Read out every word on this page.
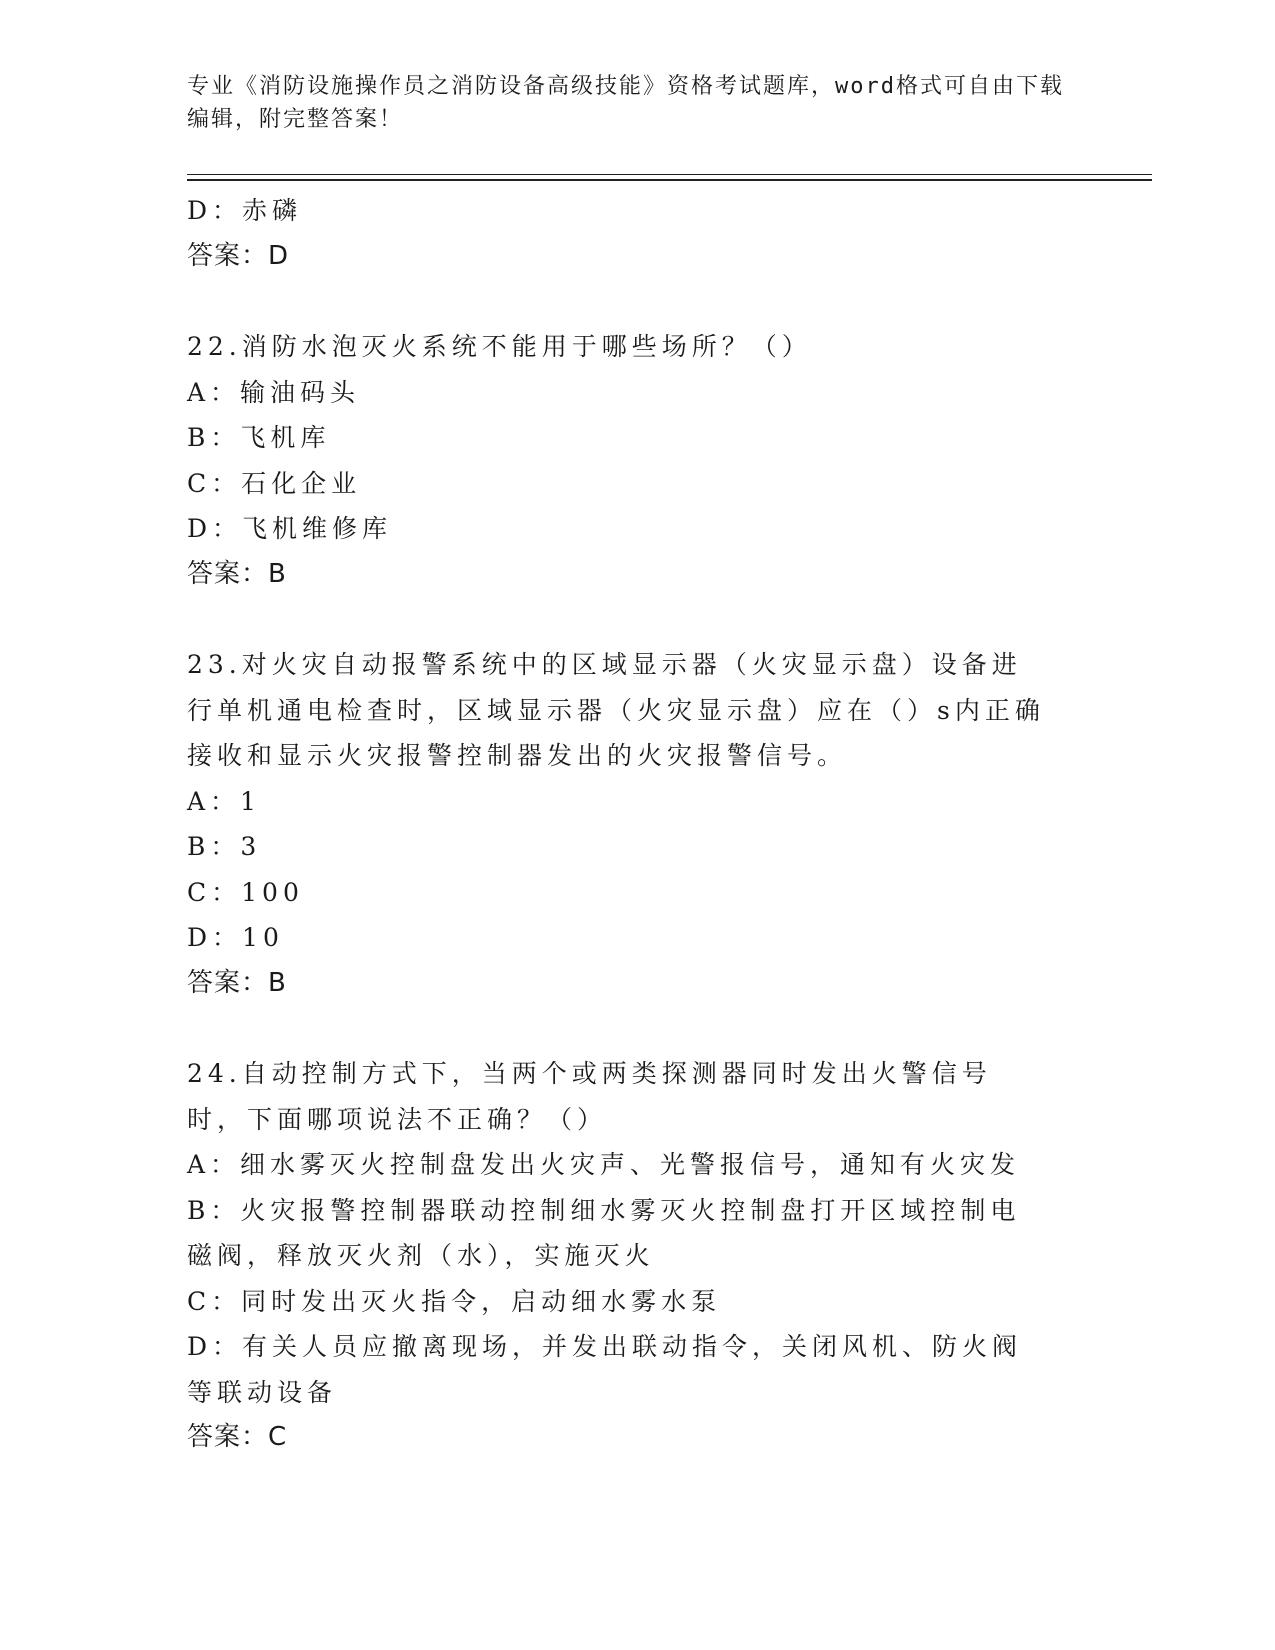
专业《消防设施操作员之消防设备高级技能》资格考试题库，word格式可自由下载编辑，附完整答案！
D：赤磷
答案：D
22.消防水泡灭火系统不能用于哪些场所？（）
A：输油码头
B：飞机库
C：石化企业
D：飞机维修库
答案：B
23.对火灾自动报警系统中的区域显示器（火灾显示盘）设备进行单机通电检查时，区域显示器（火灾显示盘）应在（）s内正确接收和显示火灾报警控制器发出的火灾报警信号。
A：1
B：3
C：100
D：10
答案：B
24.自动控制方式下，当两个或两类探测器同时发出火警信号时，下面哪项说法不正确？（）
A：细水雾灭火控制盘发出火灾声、光警报信号，通知有火灾发
B：火灾报警控制器联动控制细水雾灭火控制盘打开区域控制电磁阀，释放灭火剂（水），实施灭火
C：同时发出灭火指令，启动细水雾水泵
D：有关人员应撤离现场，并发出联动指令，关闭风机、防火阀等联动设备
答案：C
